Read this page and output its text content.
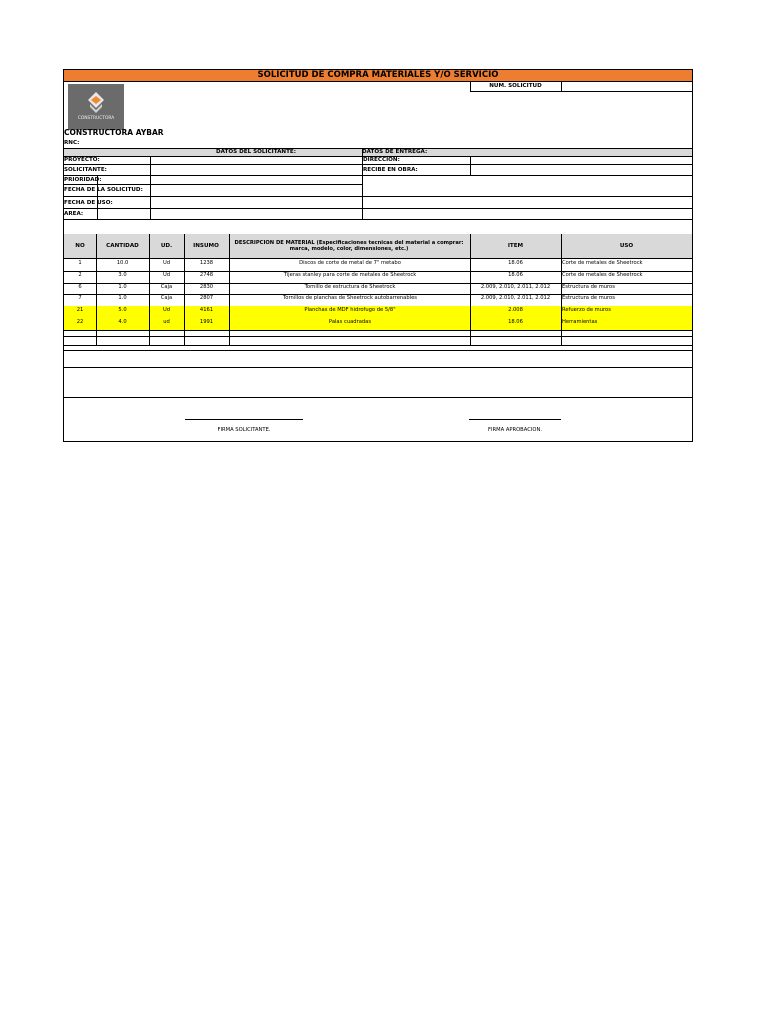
SOLICITUD DE COMPRA MATERIALES Y/O SERVICIO
NUM. SOLICITUD
CONSTRUCTORA
CONSTRUCTORA AYBAR
RNC:
DATOS DEL SOLICITANTE:	DATOS DE ENTREGA:
PROYECTO:
SOLICITANTE:
PRIORIDAD:
FECHA DE LA SOLICITUD:
FECHA DE USO:
AREA:
DIRECCION:
RECIBE EN OBRA:
NO	CANTIDAD	UD.	INSUMO	DESCRIPCION DE MATERIAL (Especificaciones tecnicas del material a comprar: marca, modelo, color, dimensiones, etc.)	ITEM	USO
1	10.0	Ud	1238	Discos de corte de metal de 7" metabo	18.06	Corte de metales de Sheetrock
2	3.0	Ud	2748	Tijeras stanley para corte de metales de Sheetrock	18.06	Corte de metales de Sheetrock
6	1.0	Caja	2830	Tornillo de estructura de Sheetrock	2.009, 2.010, 2.011, 2.012	Estructura de muros
7	1.0	Caja	2807	Tornillos de planchas de Sheetrock autobarrenables	2.009, 2.010, 2.011, 2.012	Estructura de muros
21	5.0	Ud	4161	Planchas de MDF hidrofugo de 5/8"	2.008	Refuerzo de muros
22	4.0	ud	1991	Palas cuadradas	18.06	Herramientas
FIRMA SOLICITANTE.	FIRMA APROBACION.
